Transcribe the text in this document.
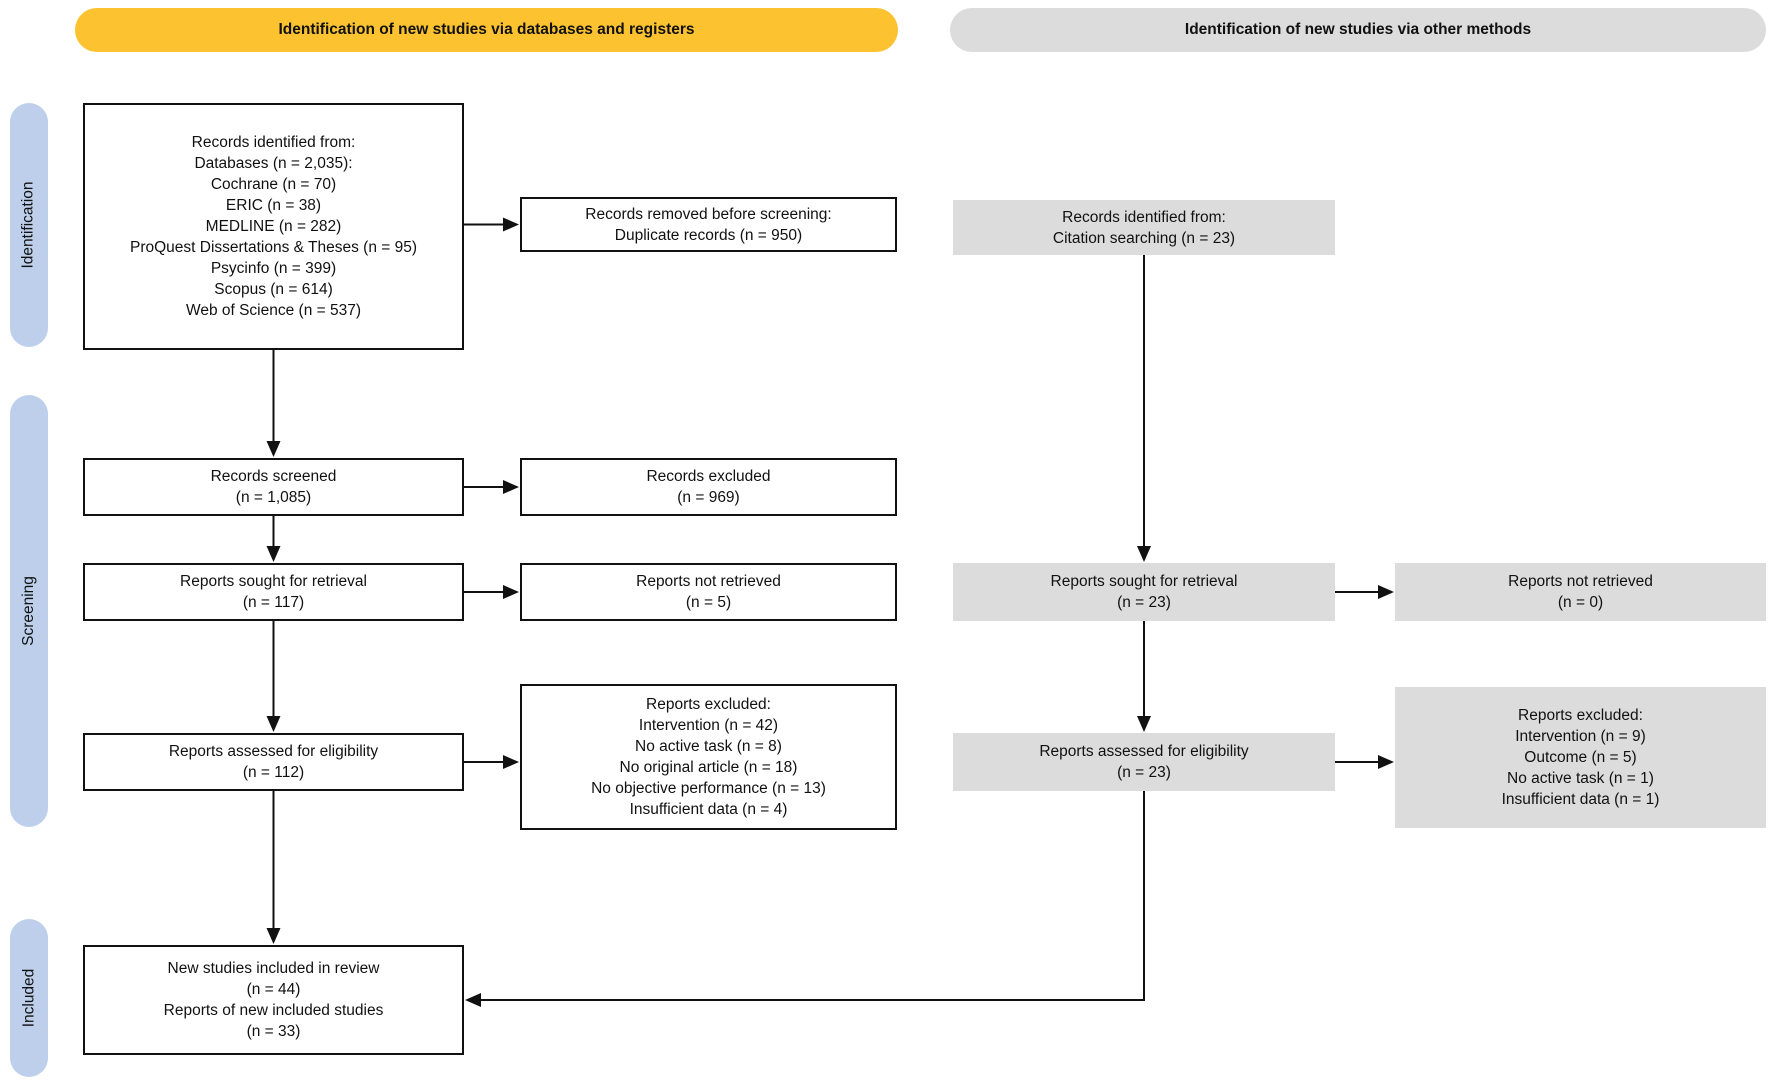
Identification of new studies via databases and registers	Identification of new studies via other methods
Identification
Screening
Included
Records identified from:
Databases (n = 2,035):
Cochrane (n = 70)
ERIC (n = 38)
MEDLINE (n = 282)
ProQuest Dissertations & Theses (n = 95)
Psycinfo (n = 399)
Scopus (n = 614)
Web of Science (n = 537)
Records screened
(n = 1,085)
Reports sought for retrieval
(n = 117)
Reports assessed for eligibility
(n = 112)
New studies included in review
(n = 44)
Reports of new included studies
(n = 33)
Records removed before screening:
Duplicate records (n = 950)
Records excluded
(n = 969)
Reports not retrieved
(n = 5)
Reports excluded:
Intervention (n = 42)
No active task (n = 8)
No original article (n = 18)
No objective performance (n = 13)
Insufficient data (n = 4)
Records identified from:
Citation searching (n = 23)
Reports sought for retrieval
(n = 23)
Reports assessed for eligibility
(n = 23)
Reports not retrieved
(n = 0)
Reports excluded:
Intervention (n = 9)
Outcome (n = 5)
No active task (n = 1)
Insufficient data (n = 1)
